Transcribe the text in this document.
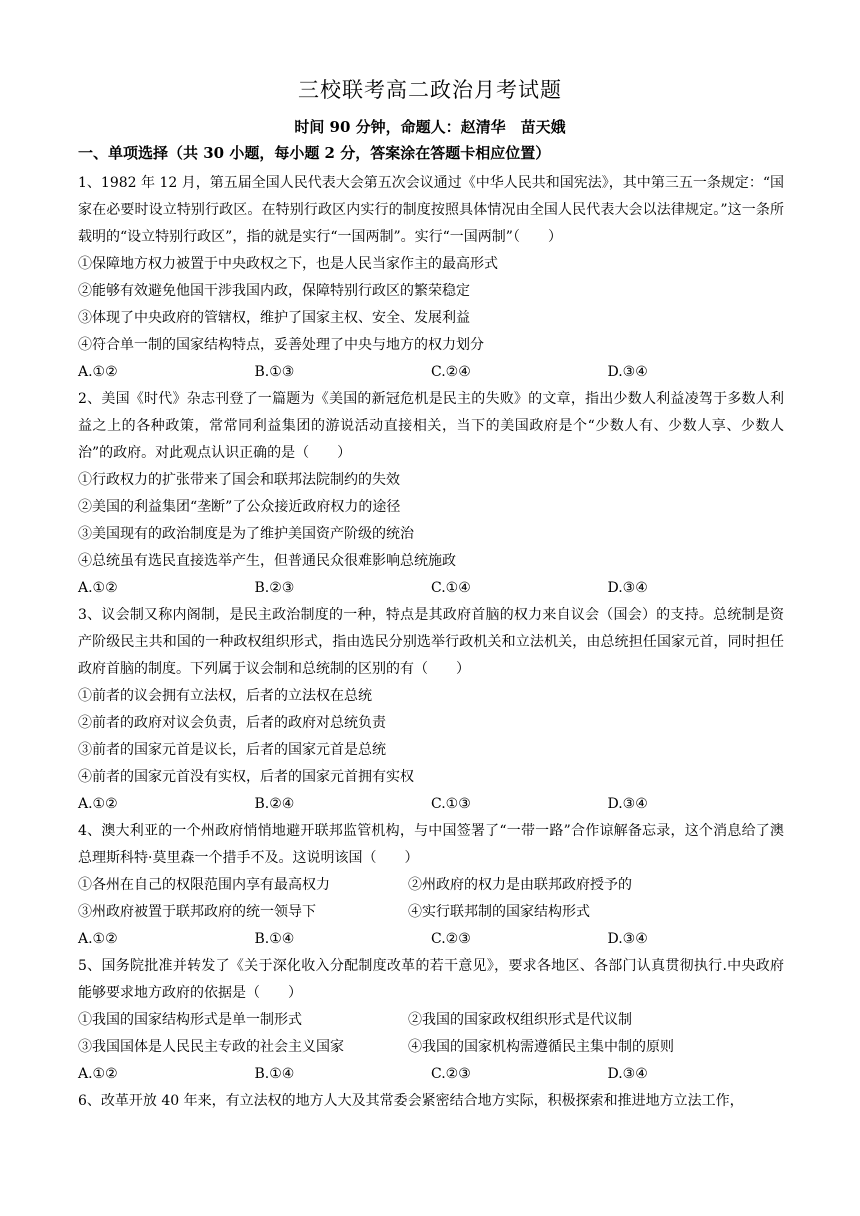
三校联考高二政治月考试题
时间 90 分钟，命题人：赵清华　苗天娥
一、单项选择（共 30 小题，每小题 2 分，答案涂在答题卡相应位置）

1、1982 年 12 月，第五届全国人民代表大会第五次会议通过《中华人民共和国宪法》，其中第三五一条规定：“国家在必要时设立特别行政区。在特别行政区内实行的制度按照具体情况由全国人民代表大会以法律规定。”这一条所载明的“设立特别行政区”，指的就是实行“一国两制”。实行“一国两制”（　　）

①保障地方权力被置于中央政权之下，也是人民当家作主的最高形式

②能够有效避免他国干涉我国内政，保障特别行政区的繁荣稳定

③体现了中央政府的管辖权，维护了国家主权、安全、发展利益

④符合单一制的国家结构特点，妥善处理了中央与地方的权力划分

A.①②	B.①③	C.②④	D.③④

2、美国《时代》杂志刊登了一篇题为《美国的新冠危机是民主的失败》的文章，指出少数人利益凌驾于多数人利益之上的各种政策，常常同利益集团的游说活动直接相关，当下的美国政府是个“少数人有、少数人享、少数人治”的政府。对此观点认识正确的是（　　）

①行政权力的扩张带来了国会和联邦法院制约的失效

②美国的利益集团“垄断”了公众接近政府权力的途径

③美国现有的政治制度是为了维护美国资产阶级的统治

④总统虽有选民直接选举产生，但普通民众很难影响总统施政

A.①②	B.②③	C.①④	D.③④

3、议会制又称内阁制，是民主政治制度的一种，特点是其政府首脑的权力来自议会（国会）的支持。总统制是资产阶级民主共和国的一种政权组织形式，指由选民分别选举行政机关和立法机关，由总统担任国家元首，同时担任政府首脑的制度。下列属于议会制和总统制的区别的有（　　）

①前者的议会拥有立法权，后者的立法权在总统

②前者的政府对议会负责，后者的政府对总统负责

③前者的国家元首是议长，后者的国家元首是总统

④前者的国家元首没有实权，后者的国家元首拥有实权

A.①②	B.②④	C.①③	D.③④

4、澳大利亚的一个州政府悄悄地避开联邦监管机构，与中国签署了“一带一路”合作谅解备忘录，这个消息给了澳总理斯科特·莫里森一个措手不及。这说明该国（　　）

①各州在自己的权限范围内享有最高权力	②州政府的权力是由联邦政府授予的
③州政府被置于联邦政府的统一领导下	④实行联邦制的国家结构形式
A.①②	B.①④	C.②③	D.③④

5、国务院批准并转发了《关于深化收入分配制度改革的若干意见》，要求各地区、各部门认真贯彻执行.中央政府能够要求地方政府的依据是（　　）

①我国的国家结构形式是单一制形式	②我国的国家政权组织形式是代议制
③我国国体是人民民主专政的社会主义国家	④我国的国家机构需遵循民主集中制的原则
A.①②	B.①④	C.②③	D.③④

6、改革开放 40 年来，有立法权的地方人大及其常委会紧密结合地方实际，积极探索和推进地方立法工作，
